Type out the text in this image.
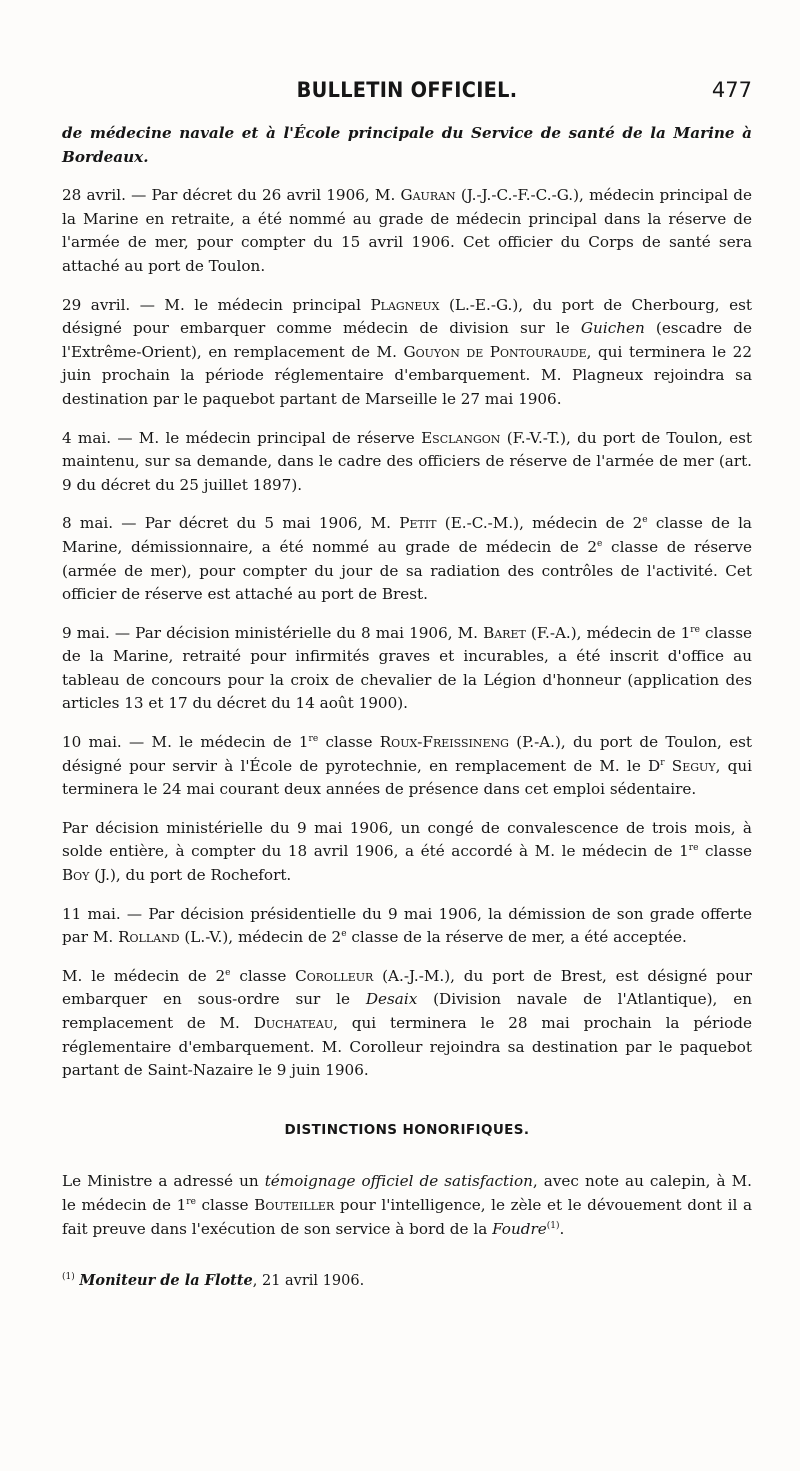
BULLETIN OFFICIEL.	477

de médecine navale et à l'École principale du Service de santé de la Marine à Bordeaux.

28 avril. — Par décret du 26 avril 1906, M. Gauran (J.-J.-C.-F.-C.-G.), médecin principal de la Marine en retraite, a été nommé au grade de médecin principal dans la réserve de l'armée de mer, pour compter du 15 avril 1906. Cet officier du Corps de santé sera attaché au port de Toulon.

29 avril. — M. le médecin principal Plagneux (L.-E.-G.), du port de Cherbourg, est désigné pour embarquer comme médecin de division sur le Guichen (escadre de l'Extrême-Orient), en remplacement de M. Gouyon de Pontouraude, qui terminera le 22 juin prochain la période réglementaire d'embarquement. M. Plagneux rejoindra sa destination par le paquebot partant de Marseille le 27 mai 1906.

4 mai. — M. le médecin principal de réserve Esclangon (F.-V.-T.), du port de Toulon, est maintenu, sur sa demande, dans le cadre des officiers de réserve de l'armée de mer (art. 9 du décret du 25 juillet 1897).

8 mai. — Par décret du 5 mai 1906, M. Petit (E.-C.-M.), médecin de 2e classe de la Marine, démissionnaire, a été nommé au grade de médecin de 2e classe de réserve (armée de mer), pour compter du jour de sa radiation des contrôles de l'activité. Cet officier de réserve est attaché au port de Brest.

9 mai. — Par décision ministérielle du 8 mai 1906, M. Baret (F.-A.), médecin de 1re classe de la Marine, retraité pour infirmités graves et incurables, a été inscrit d'office au tableau de concours pour la croix de chevalier de la Légion d'honneur (application des articles 13 et 17 du décret du 14 août 1900).

10 mai. — M. le médecin de 1re classe Roux-Freissineng (P.-A.), du port de Toulon, est désigné pour servir à l'École de pyrotechnie, en remplacement de M. le $D^r$ Seguy, qui terminera le 24 mai courant deux années de présence dans cet emploi sédentaire.

Par décision ministérielle du 9 mai 1906, un congé de convalescence de trois mois, à solde entière, à compter du 18 avril 1906, a été accordé à M. le médecin de 1re classe Boy (J.), du port de Rochefort.

11 mai. — Par décision présidentielle du 9 mai 1906, la démission de son grade offerte par M. Rolland (L.-V.), médecin de 2e classe de la réserve de mer, a été acceptée.

M. le médecin de 2e classe Corolleur (A.-J.-M.), du port de Brest, est désigné pour embarquer en sous-ordre sur le Desaix (Division navale de l'Atlantique), en remplacement de M. Duchateau, qui terminera le 28 mai prochain la période réglementaire d'embarquement. M. Corolleur rejoindra sa destination par le paquebot partant de Saint-Nazaire le 9 juin 1906.

DISTINCTIONS HONORIFIQUES.

Le Ministre a adressé un témoignage officiel de satisfaction, avec note au calepin, à M. le médecin de 1re classe Bouteiller pour l'intelligence, le zèle et le dévouement dont il a fait preuve dans l'exécution de son service à bord de la Foudre$^{(1)}$.

$^{(1)}$ Moniteur de la Flotte, 21 avril 1906.
